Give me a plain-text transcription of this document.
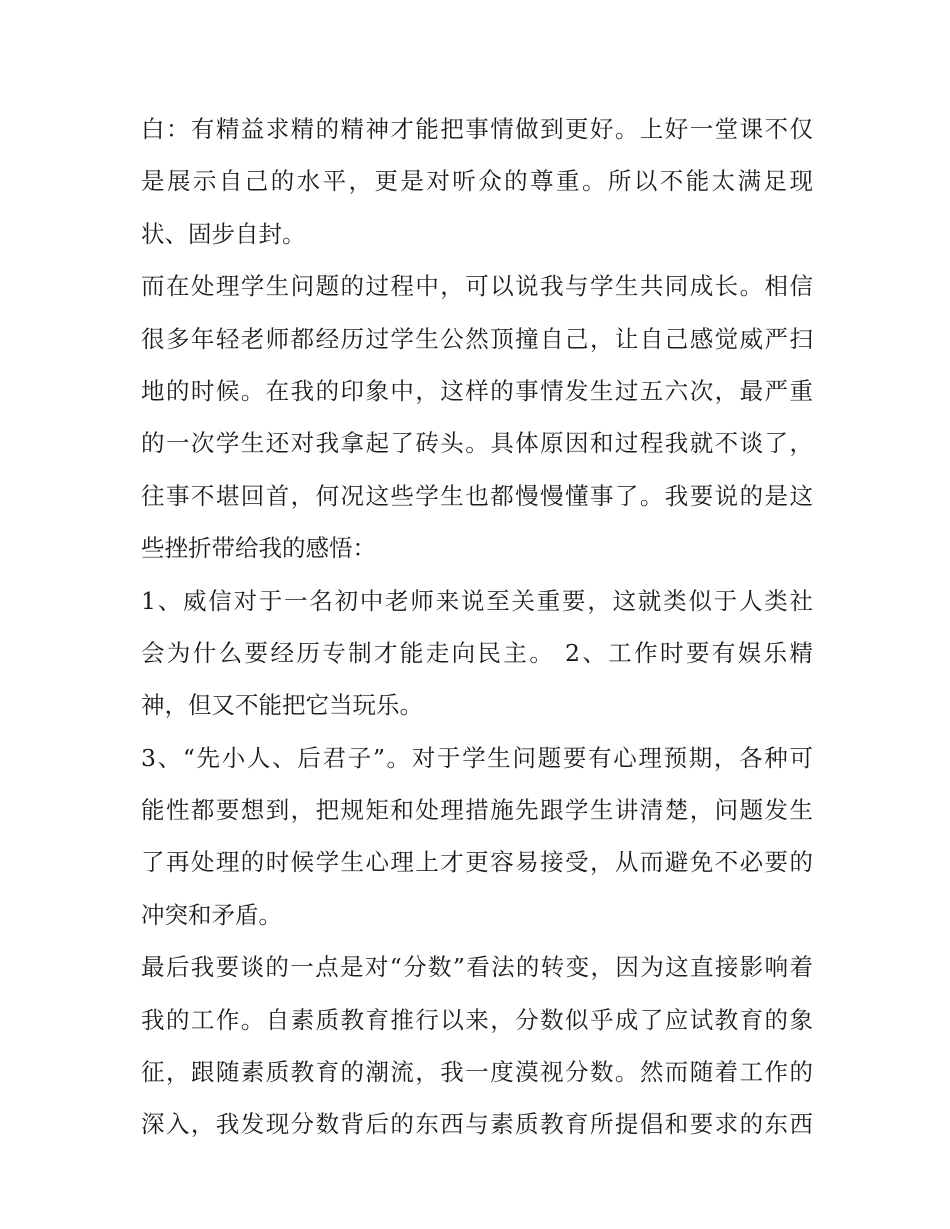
白：有精益求精的精神才能把事情做到更好。上好一堂课不仅
是展示自己的水平，更是对听众的尊重。所以不能太满足现
状、固步自封。
而在处理学生问题的过程中，可以说我与学生共同成长。相信
很多年轻老师都经历过学生公然顶撞自己，让自己感觉威严扫
地的时候。在我的印象中，这样的事情发生过五六次，最严重
的一次学生还对我拿起了砖头。具体原因和过程我就不谈了，
往事不堪回首，何况这些学生也都慢慢懂事了。我要说的是这
些挫折带给我的感悟：
1、威信对于一名初中老师来说至关重要，这就类似于人类社
会为什么要经历专制才能走向民主。 2、工作时要有娱乐精
神，但又不能把它当玩乐。
3、“先小人、后君子”。对于学生问题要有心理预期，各种可
能性都要想到，把规矩和处理措施先跟学生讲清楚，问题发生
了再处理的时候学生心理上才更容易接受，从而避免不必要的
冲突和矛盾。
最后我要谈的一点是对“分数”看法的转变，因为这直接影响着
我的工作。自素质教育推行以来，分数似乎成了应试教育的象
征，跟随素质教育的潮流，我一度漠视分数。然而随着工作的
深入，我发现分数背后的东西与素质教育所提倡和要求的东西
